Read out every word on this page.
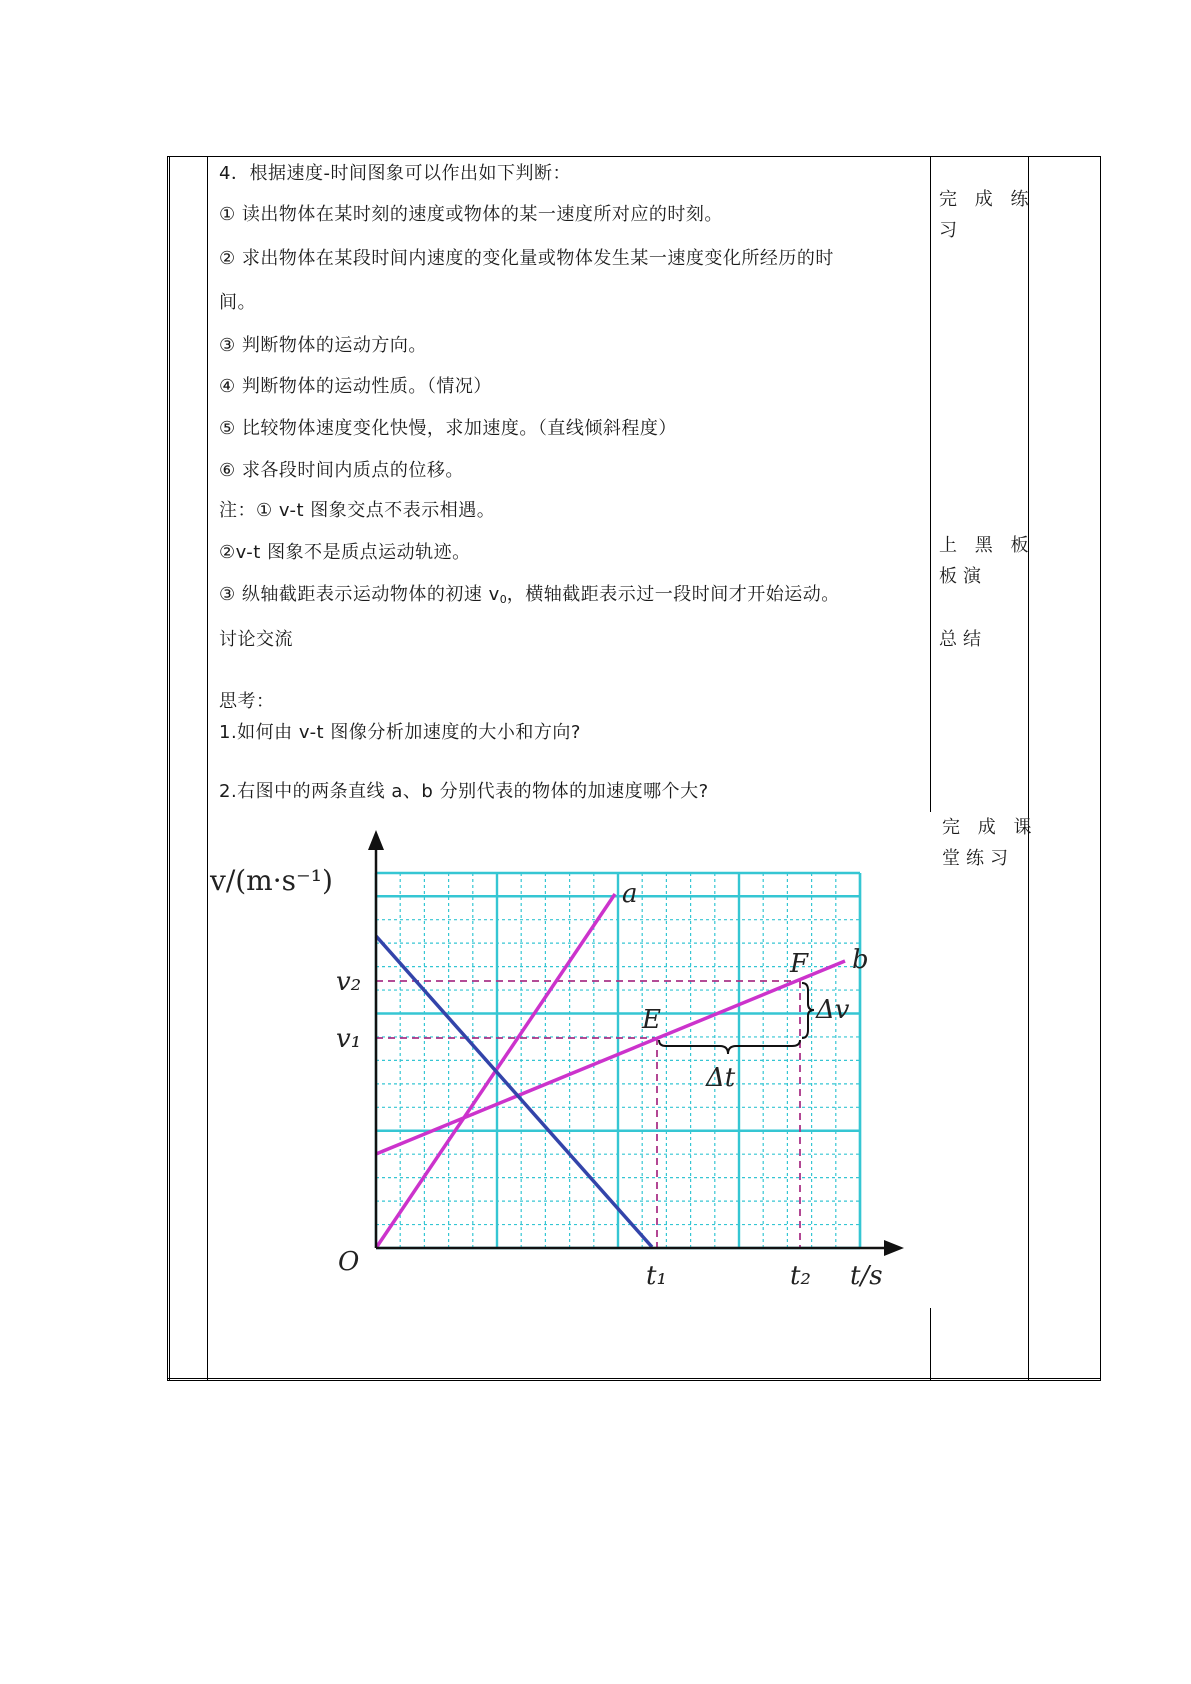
4．根据速度-时间图象可以作出如下判断：
① 读出物体在某时刻的速度或物体的某一速度所对应的时刻。
② 求出物体在某段时间内速度的变化量或物体发生某一速度变化所经历的时
间。
③ 判断物体的运动方向。
④ 判断物体的运动性质。（情况）
⑤ 比较物体速度变化快慢，求加速度。（直线倾斜程度）
⑥ 求各段时间内质点的位移。
注：① v-t 图象交点不表示相遇。
②v-t 图象不是质点运动轨迹。
③ 纵轴截距表示运动物体的初速 $v_0$，横轴截距表示过一段时间才开始运动。
讨论交流
思考：
1.如何由 v-t 图像分析加速度的大小和方向?
2.右图中的两条直线 a、b 分别代表的物体的加速度哪个大?
完 成 练
习
上 黑 板
板演
总结
完 成 课
堂练习
v/(m·s⁻¹)
O	t/s
v₂
v₁
t₁	t₂
a
b
E
F
Δv
Δt
